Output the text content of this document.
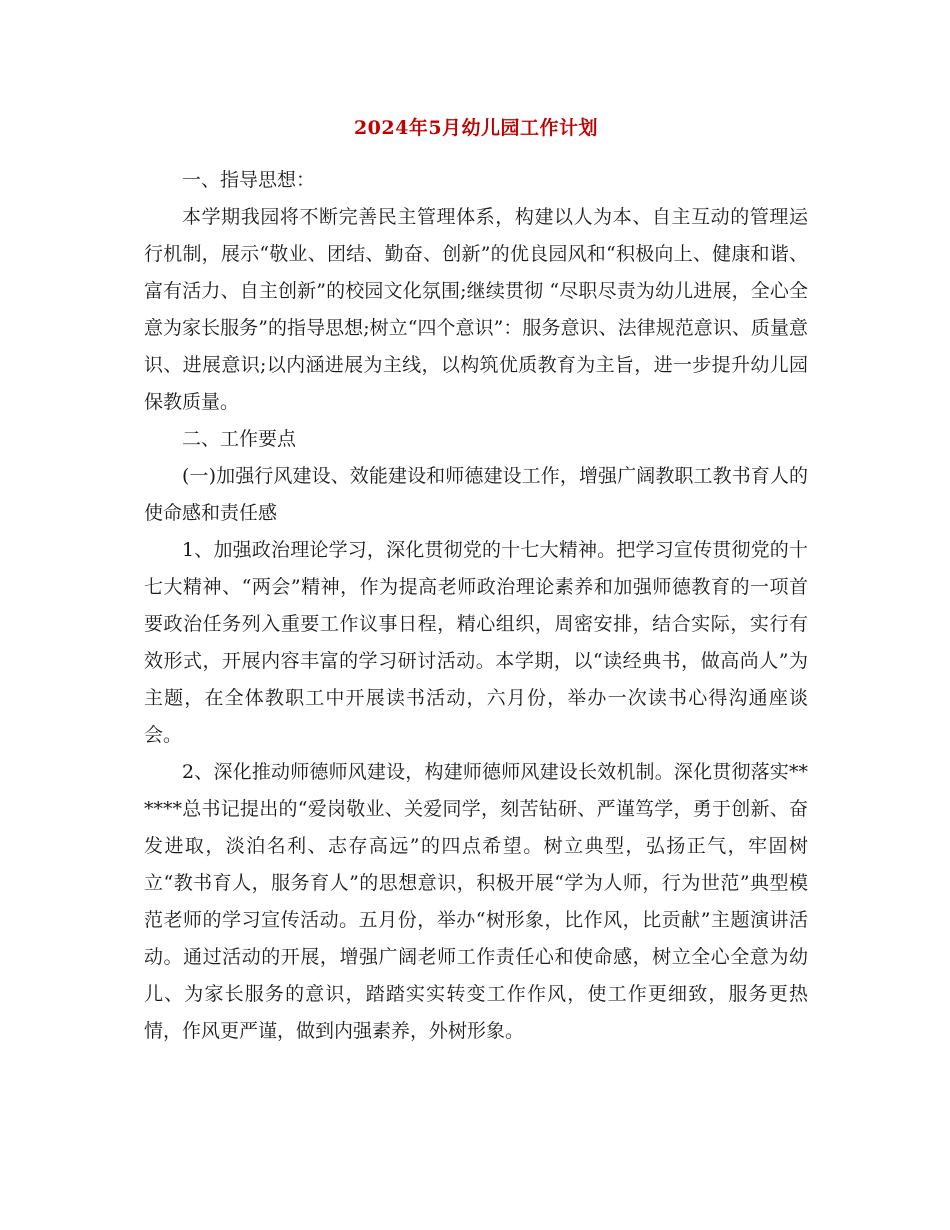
2024年5月幼儿园工作计划

一、指导思想：

本学期我园将不断完善民主管理体系，构建以人为本、自主互动的管理运行机制，展示“敬业、团结、勤奋、创新”的优良园风和“积极向上、健康和谐、富有活力、自主创新”的校园文化氛围;继续贯彻 “尽职尽责为幼儿进展，全心全意为家长服务”的指导思想;树立“四个意识”：服务意识、法律规范意识、质量意识、进展意识;以内涵进展为主线，以构筑优质教育为主旨，进一步提升幼儿园保教质量。

二、工作要点

(一)加强行风建设、效能建设和师德建设工作，增强广阔教职工教书育人的使命感和责任感

1、加强政治理论学习，深化贯彻党的十七大精神。把学习宣传贯彻党的十七大精神、“两会”精神，作为提高老师政治理论素养和加强师德教育的一项首要政治任务列入重要工作议事日程，精心组织，周密安排，结合实际，实行有效形式，开展内容丰富的学习研讨活动。本学期，以“读经典书，做高尚人”为主题，在全体教职工中开展读书活动，六月份，举办一次读书心得沟通座谈会。

2、深化推动师德师风建设，构建师德师风建设长效机制。深化贯彻落实******总书记提出的“爱岗敬业、关爱同学，刻苦钻研、严谨笃学，勇于创新、奋发进取，淡泊名利、志存高远”的四点希望。树立典型，弘扬正气，牢固树立“教书育人，服务育人”的思想意识，积极开展“学为人师，行为世范”典型模范老师的学习宣传活动。五月份，举办“树形象，比作风，比贡献”主题演讲活动。通过活动的开展，增强广阔老师工作责任心和使命感，树立全心全意为幼儿、为家长服务的意识，踏踏实实转变工作作风，使工作更细致，服务更热情，作风更严谨，做到内强素养，外树形象。
